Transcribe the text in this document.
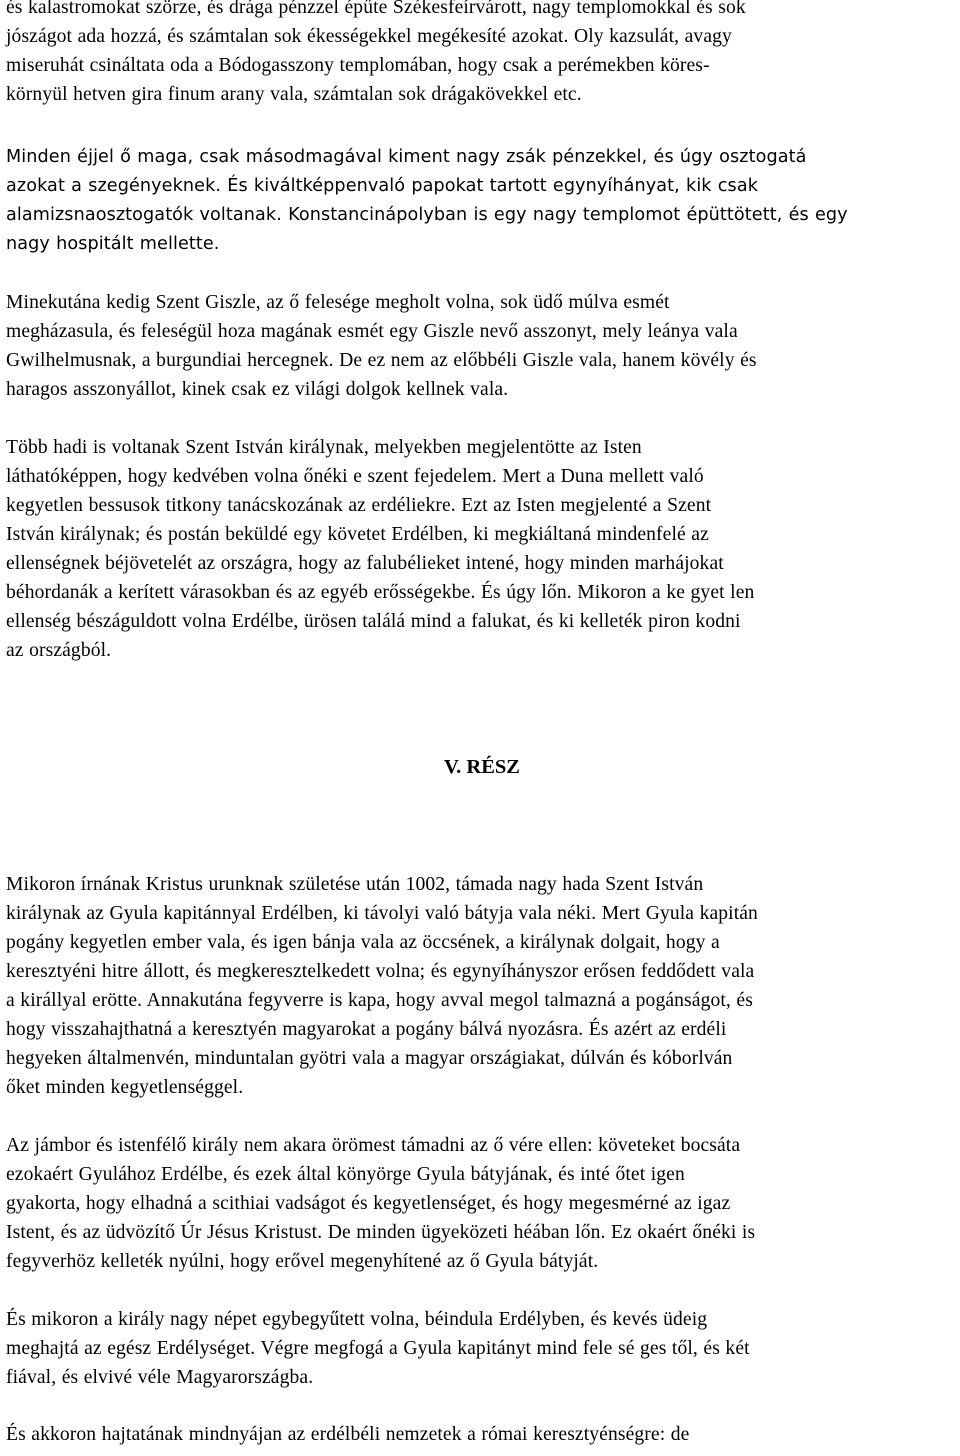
és kalastromokat szörze, és drága pénzzel épűte Székesfeírvárott, nagy templomokkal és sok
jószágot ada hozzá, és számtalan sok ékességekkel megékesíté azokat. Oly kazsulát, avagy
miseruhát csináltata oda a Bódogasszony templomában, hogy csak a perémekben köres-
környül hetven gira finum arany vala, számtalan sok drágakövekkel etc.

Minden éjjel ő maga, csak másodmagával kiment nagy zsák pénzekkel, és úgy osztogatá
azokat a szegényeknek. És kiváltképpenvaló papokat tartott egynyíhányat, kik csak
alamizsnaosztogatók voltanak. Konstancinápolyban is egy nagy templomot épüttötett, és egy
nagy hospitált mellette.

Minekutána kedig Szent Giszle, az ő felesége megholt volna, sok üdő múlva esmét
megházasula, és feleségül hoza magának esmét egy Giszle nevő asszonyt, mely leánya vala
Gwilhelmusnak, a burgundiai hercegnek. De ez nem az előbbéli Giszle vala, hanem kövély és
haragos asszonyállot, kinek csak ez világi dolgok kellnek vala.

Több hadi is voltanak Szent István királynak, melyekben megjelentötte az Isten
láthatóképpen, hogy kedvében volna őnéki e szent fejedelem. Mert a Duna mellett való
kegyetlen bessusok titkony tanácskozának az erdéliekre. Ezt az Isten megjelenté a Szent
István királynak; és postán beküldé egy követet Erdélben, ki megkiáltaná mindenfelé az
ellenségnek béjövetelét az országra, hogy az falubélieket intené, hogy minden marhájokat
béhordanák a kerített várasokban és az egyéb erősségekbe. És úgy lőn. Mikoron a ke gyet len
ellenség bészáguldott volna Erdélbe, ürösen találá mind a falukat, és ki kelleték piron kodni
az országból.

V. RÉSZ

Mikoron írnának Kristus urunknak születése után 1002, támada nagy hada Szent István
királynak az Gyula kapitánnyal Erdélben, ki távolyi való bátyja vala néki. Mert Gyula kapitán
pogány kegyetlen ember vala, és igen bánja vala az öccsének, a királynak dolgait, hogy a
keresztyéni hitre állott, és megkeresztelkedett volna; és egynyíhányszor erősen feddődett vala
a királlyal erötte. Annakutána fegyverre is kapa, hogy avval megol talmazná a pogánságot, és
hogy visszahajthatná a keresztyén magyarokat a pogány bálvá nyozásra. És azért az erdéli
hegyeken általmenvén, minduntalan gyötri vala a magyar országiakat, dúlván és kóborlván
őket minden kegyetlenséggel.

Az jámbor és istenfélő király nem akara örömest támadni az ő vére ellen: követeket bocsáta
ezokaért Gyulához Erdélbe, és ezek által könyörge Gyula bátyjának, és inté őtet igen
gyakorta, hogy elhadná a scithiai vadságot és kegyetlenséget, és hogy megesmérné az igaz
Istent, és az üdvözítő Úr Jésus Kristust. De minden ügyeközeti héában lőn. Ez okaért őnéki is
fegyverhöz kelleték nyúlni, hogy erővel megenyhítené az ő Gyula bátyját.

És mikoron a király nagy népet egybegyűtett volna, béindula Erdélyben, és kevés üdeig
meghajtá az egész Erdélységet. Végre megfogá a Gyula kapitányt mind fele sé ges től, és két
fiával, és elvivé véle Magyarországba.

És akkoron hajtatának mindnyájan az erdélbéli nemzetek a római keresztyénségre: de
